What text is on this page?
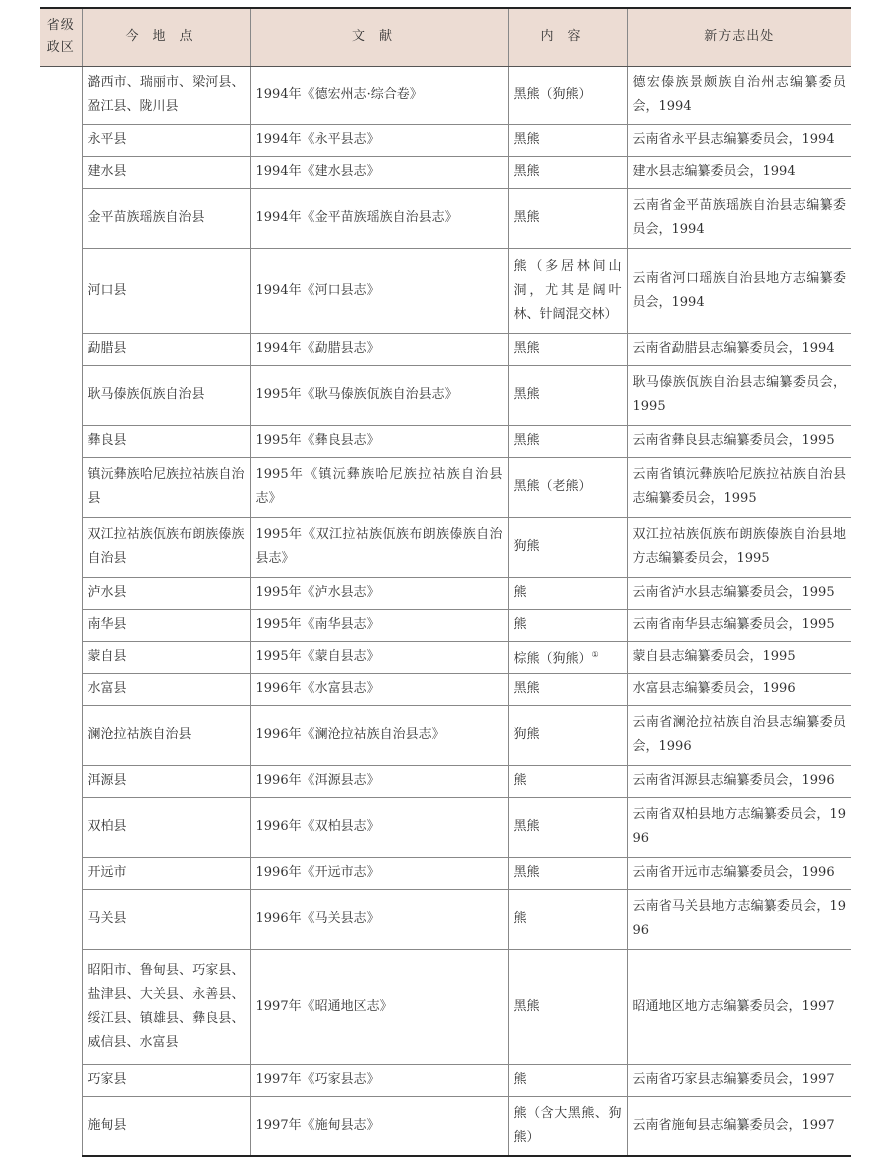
省级政区	今地点	文献	内容	新方志出处
	潞西市、瑞丽市、梁河县、盈江县、陇川县	1994年《德宏州志·综合卷》	黑熊（狗熊）	德宏傣族景颇族自治州志编纂委员会，1994
	永平县	1994年《永平县志》	黑熊	云南省永平县志编纂委员会，1994
	建水县	1994年《建水县志》	黑熊	建水县志编纂委员会，1994
	金平苗族瑶族自治县	1994年《金平苗族瑶族自治县志》	黑熊	云南省金平苗族瑶族自治县志编纂委员会，1994
	河口县	1994年《河口县志》	熊（多居林间山洞，尤其是阔叶林、针阔混交林）	云南省河口瑶族自治县地方志编纂委员会，1994
	勐腊县	1994年《勐腊县志》	黑熊	云南省勐腊县志编纂委员会，1994
	耿马傣族佤族自治县	1995年《耿马傣族佤族自治县志》	黑熊	耿马傣族佤族自治县志编纂委员会，1995
	彝良县	1995年《彝良县志》	黑熊	云南省彝良县志编纂委员会，1995
	镇沅彝族哈尼族拉祜族自治县	1995年《镇沅彝族哈尼族拉祜族自治县志》	黑熊（老熊）	云南省镇沅彝族哈尼族拉祜族自治县志编纂委员会，1995
	双江拉祜族佤族布朗族傣族自治县	1995年《双江拉祜族佤族布朗族傣族自治县志》	狗熊	双江拉祜族佤族布朗族傣族自治县地方志编纂委员会，1995
	泸水县	1995年《泸水县志》	熊	云南省泸水县志编纂委员会，1995
	南华县	1995年《南华县志》	熊	云南省南华县志编纂委员会，1995
	蒙自县	1995年《蒙自县志》	棕熊（狗熊）①	蒙自县志编纂委员会，1995
	水富县	1996年《水富县志》	黑熊	水富县志编纂委员会，1996
	澜沧拉祜族自治县	1996年《澜沧拉祜族自治县志》	狗熊	云南省澜沧拉祜族自治县志编纂委员会，1996
	洱源县	1996年《洱源县志》	熊	云南省洱源县志编纂委员会，1996
	双柏县	1996年《双柏县志》	黑熊	云南省双柏县地方志编纂委员会，1996
	开远市	1996年《开远市志》	黑熊	云南省开远市志编纂委员会，1996
	马关县	1996年《马关县志》	熊	云南省马关县地方志编纂委员会，1996
	昭阳市、鲁甸县、巧家县、盐津县、大关县、永善县、绥江县、镇雄县、彝良县、威信县、水富县	1997年《昭通地区志》	黑熊	昭通地区地方志编纂委员会，1997
	巧家县	1997年《巧家县志》	熊	云南省巧家县志编纂委员会，1997
	施甸县	1997年《施甸县志》	熊（含大黑熊、狗熊）	云南省施甸县志编纂委员会，1997
